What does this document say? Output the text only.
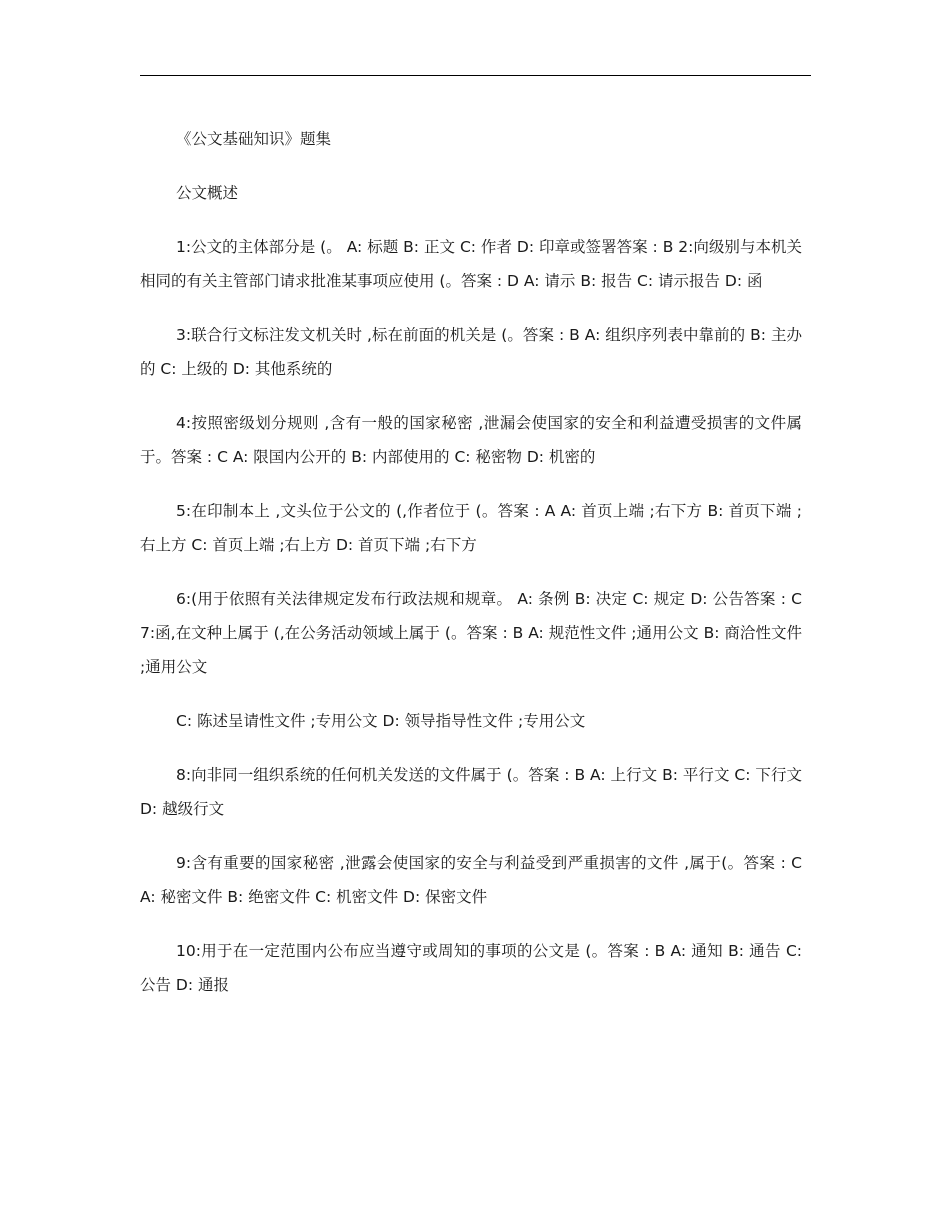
《公文基础知识》题集

公文概述

1:公文的主体部分是 (。 A: 标题 B: 正文 C: 作者 D: 印章或签署答案 : B 2:向级别与本机关相同的有关主管部门请求批准某事项应使用 (。答案 : D A: 请示 B: 报告 C: 请示报告 D: 函

3:联合行文标注发文机关时 ,标在前面的机关是 (。答案 : B A: 组织序列表中靠前的 B: 主办的 C: 上级的 D: 其他系统的

4:按照密级划分规则 ,含有一般的国家秘密 ,泄漏会使国家的安全和利益遭受损害的文件属于。答案 : C A: 限国内公开的 B: 内部使用的 C: 秘密物 D: 机密的

5:在印制本上 ,文头位于公文的 (,作者位于 (。答案 : A A: 首页上端 ;右下方 B: 首页下端 ;右上方 C: 首页上端 ;右上方 D: 首页下端 ;右下方

6:(用于依照有关法律规定发布行政法规和规章。 A: 条例 B: 决定 C: 规定 D: 公告答案 : C 7:函,在文种上属于 (,在公务活动领域上属于 (。答案 : B A: 规范性文件 ;通用公文 B: 商洽性文件 ;通用公文

C: 陈述呈请性文件 ;专用公文 D: 领导指导性文件 ;专用公文

8:向非同一组织系统的任何机关发送的文件属于 (。答案 : B A: 上行文 B: 平行文 C: 下行文 D: 越级行文

9:含有重要的国家秘密 ,泄露会使国家的安全与利益受到严重损害的文件 ,属于(。答案 : C A: 秘密文件 B: 绝密文件 C: 机密文件 D: 保密文件

10:用于在一定范围内公布应当遵守或周知的事项的公文是 (。答案 : B A: 通知 B: 通告 C: 公告 D: 通报
